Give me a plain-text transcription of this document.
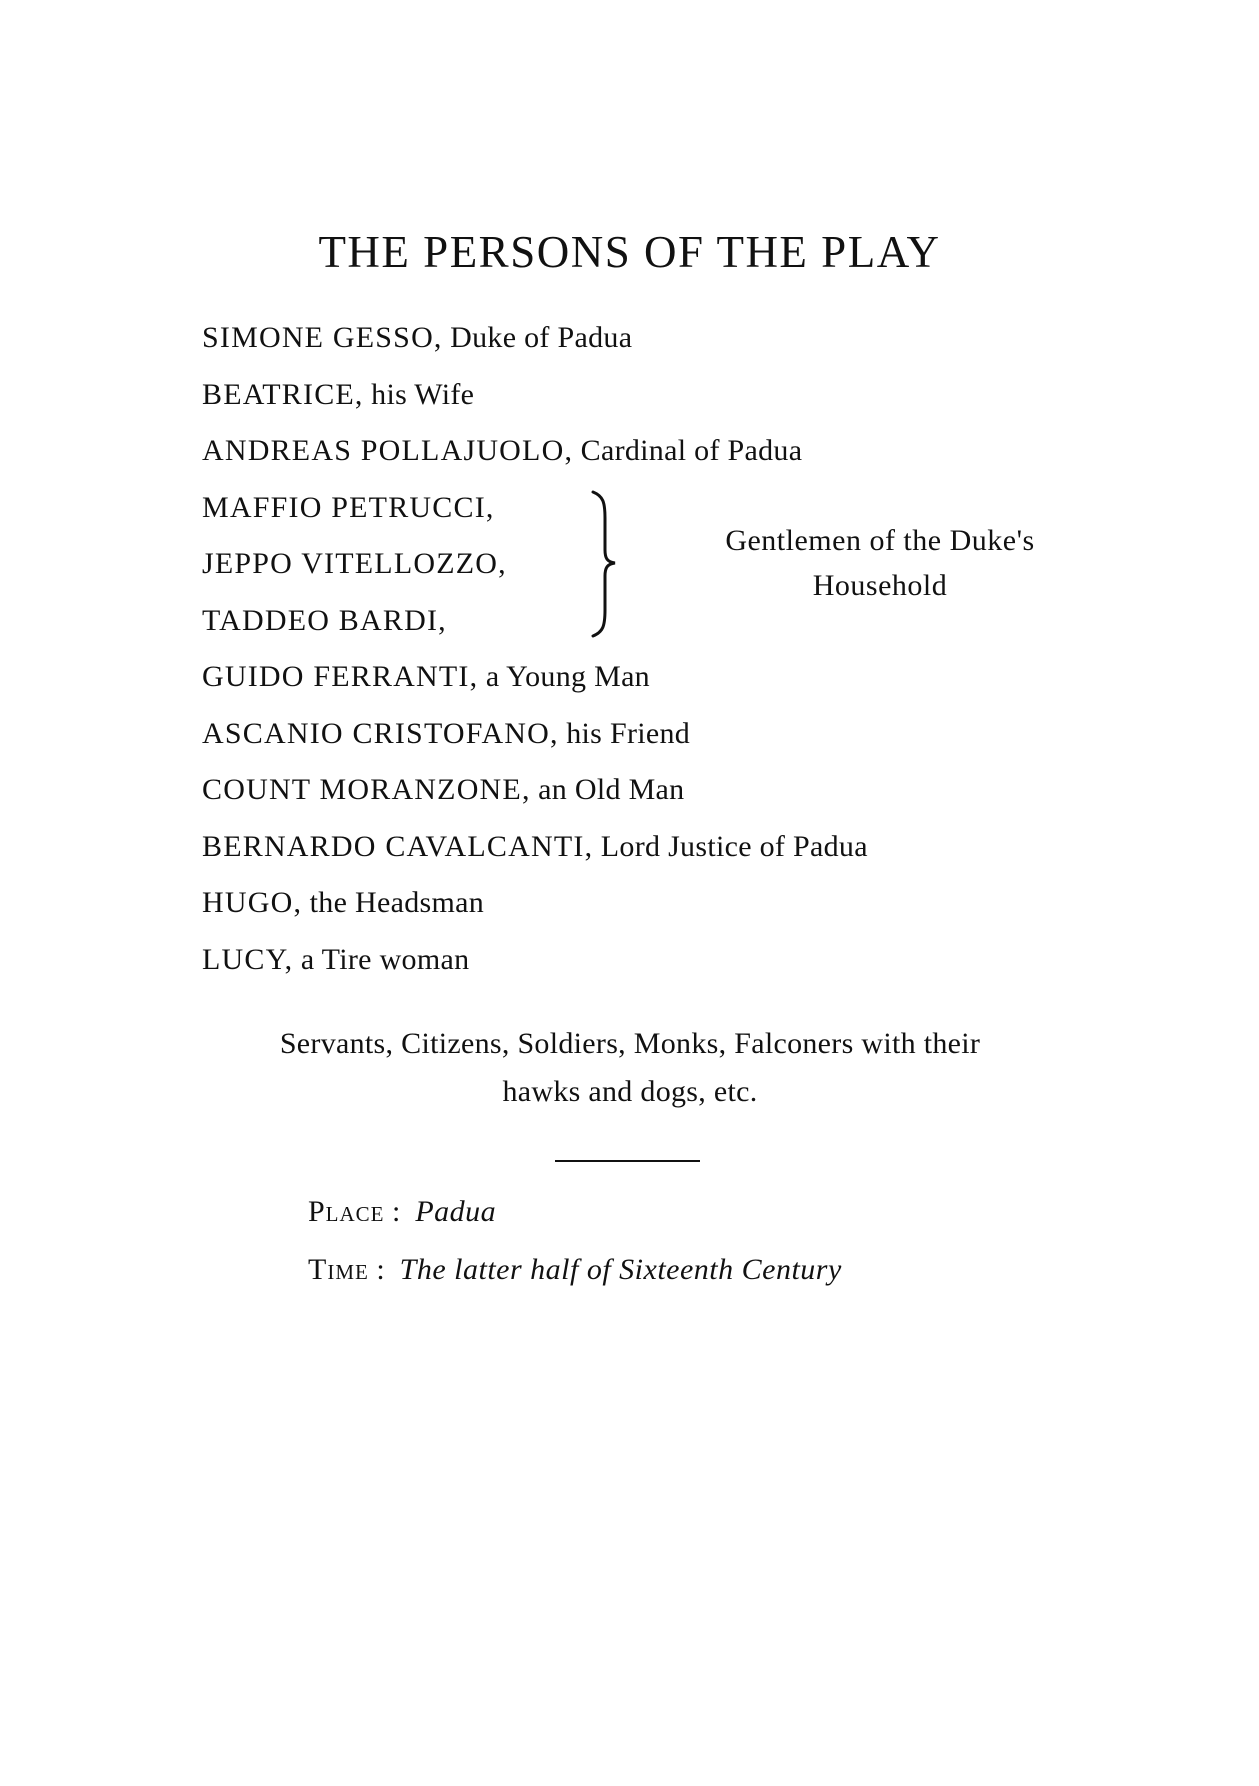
THE PERSONS OF THE PLAY
SIMONE GESSO, Duke of Padua
BEATRICE, his Wife
ANDREAS POLLAJUOLO, Cardinal of Padua
MAFFIO PETRUCCI,
JEPPO VITELLOZZO,
TADDEO BARDI,
Gentlemen of the Duke's
Household
GUIDO FERRANTI, a Young Man
ASCANIO CRISTOFANO, his Friend
COUNT MORANZONE, an Old Man
BERNARDO CAVALCANTI, Lord Justice of Padua
HUGO, the Headsman
LUCY, a Tire woman
Servants, Citizens, Soldiers, Monks, Falconers with their
hawks and dogs, etc.
Place :  Padua
Time :  The latter half of Sixteenth Century
